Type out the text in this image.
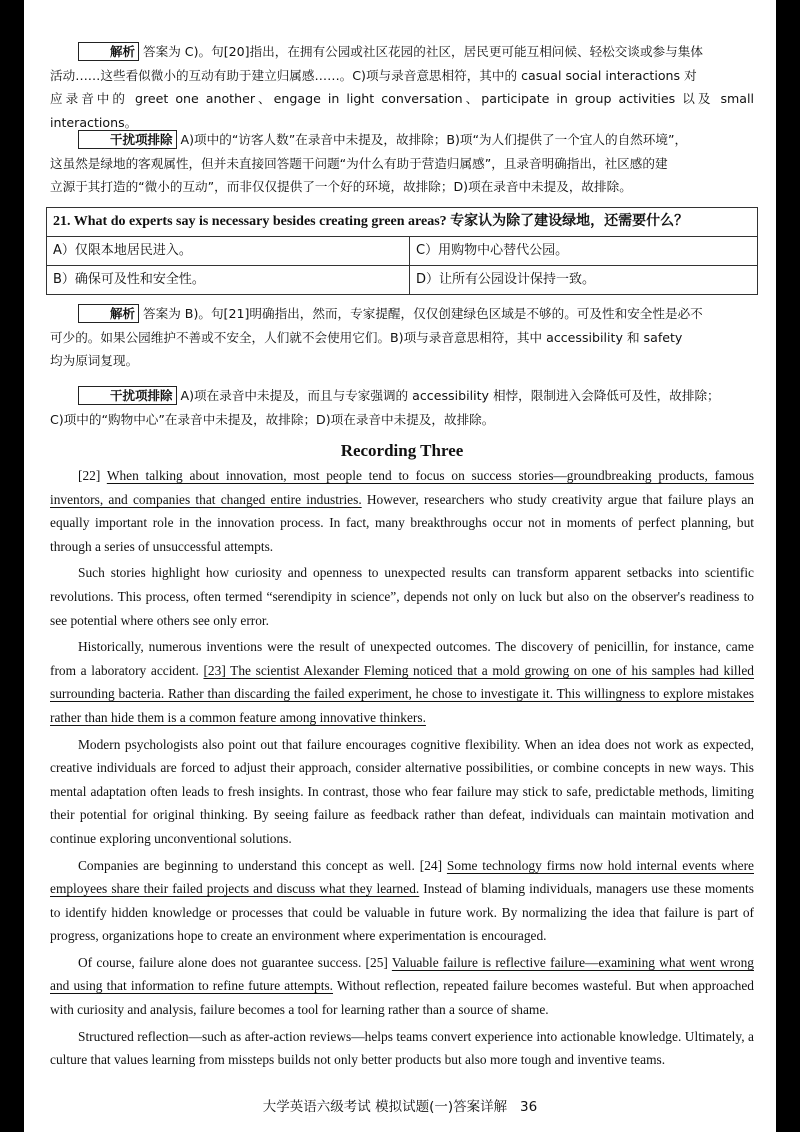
解析 答案为 C)。句[20]指出，在拥有公园或社区花园的社区，居民更可能互相问候、轻松交谈或参与集体

活动……这些看似微小的互动有助于建立归属感……。C)项与录音意思相符，其中的 casual social interactions 对

应录音中的 greet one another、engage in light conversation、participate in group activities 以及 small interactions。

干扰项排除 A)项中的“访客人数”在录音中未提及，故排除；B)项“为人们提供了一个宜人的自然环境”，

这虽然是绿地的客观属性，但并未直接回答题干问题“为什么有助于营造归属感”，且录音明确指出，社区感的建

立源于其打造的“微小的互动”，而非仅仅提供了一个好的环境，故排除；D)项在录音中未提及，故排除。

21. What do experts say is necessary besides creating green areas? 专家认为除了建设绿地，还需要什么？	
A）仅限本地居民进入。	C）用购物中心替代公园。
B）确保可及性和安全性。	D）让所有公园设计保持一致。

解析 答案为 B)。句[21]明确指出，然而，专家提醒，仅仅创建绿色区域是不够的。可及性和安全性是必不

可少的。如果公园维护不善或不安全，人们就不会使用它们。B)项与录音意思相符，其中 accessibility 和 safety

均为原词复现。

干扰项排除 A)项在录音中未提及，而且与专家强调的 accessibility 相悖，限制进入会降低可及性，故排除；

C)项中的“购物中心”在录音中未提及，故排除；D)项在录音中未提及，故排除。

Recording Three

[22] When talking about innovation, most people tend to focus on success stories—groundbreaking products, famous inventors, and companies that changed entire industries. However, researchers who study creativity argue that failure plays an equally important role in the innovation process. In fact, many breakthroughs occur not in moments of perfect planning, but through a series of unsuccessful attempts.

Such stories highlight how curiosity and openness to unexpected results can transform apparent setbacks into scientific revolutions. This process, often termed “serendipity in science”, depends not only on luck but also on the observer's readiness to see potential where others see only error.

Historically, numerous inventions were the result of unexpected outcomes. The discovery of penicillin, for instance, came from a laboratory accident. [23] The scientist Alexander Fleming noticed that a mold growing on one of his samples had killed surrounding bacteria. Rather than discarding the failed experiment, he chose to investigate it. This willingness to explore mistakes rather than hide them is a common feature among innovative thinkers.

Modern psychologists also point out that failure encourages cognitive flexibility. When an idea does not work as expected, creative individuals are forced to adjust their approach, consider alternative possibilities, or combine concepts in new ways. This mental adaptation often leads to fresh insights. In contrast, those who fear failure may stick to safe, predictable methods, limiting their potential for original thinking. By seeing failure as feedback rather than defeat, individuals can maintain motivation and continue exploring unconventional solutions.

Companies are beginning to understand this concept as well. [24] Some technology firms now hold internal events where employees share their failed projects and discuss what they learned. Instead of blaming individuals, managers use these moments to identify hidden knowledge or processes that could be valuable in future work. By normalizing the idea that failure is part of progress, organizations hope to create an environment where experimentation is encouraged.

Of course, failure alone does not guarantee success. [25] Valuable failure is reflective failure—examining what went wrong and using that information to refine future attempts. Without reflection, repeated failure becomes wasteful. But when approached with curiosity and analysis, failure becomes a tool for learning rather than a source of shame.

Structured reflection—such as after-action reviews—helps teams convert experience into actionable knowledge. Ultimately, a culture that values learning from missteps builds not only better products but also more tough and inventive teams.

大学英语六级考试 模拟试题(一)答案详解 36
